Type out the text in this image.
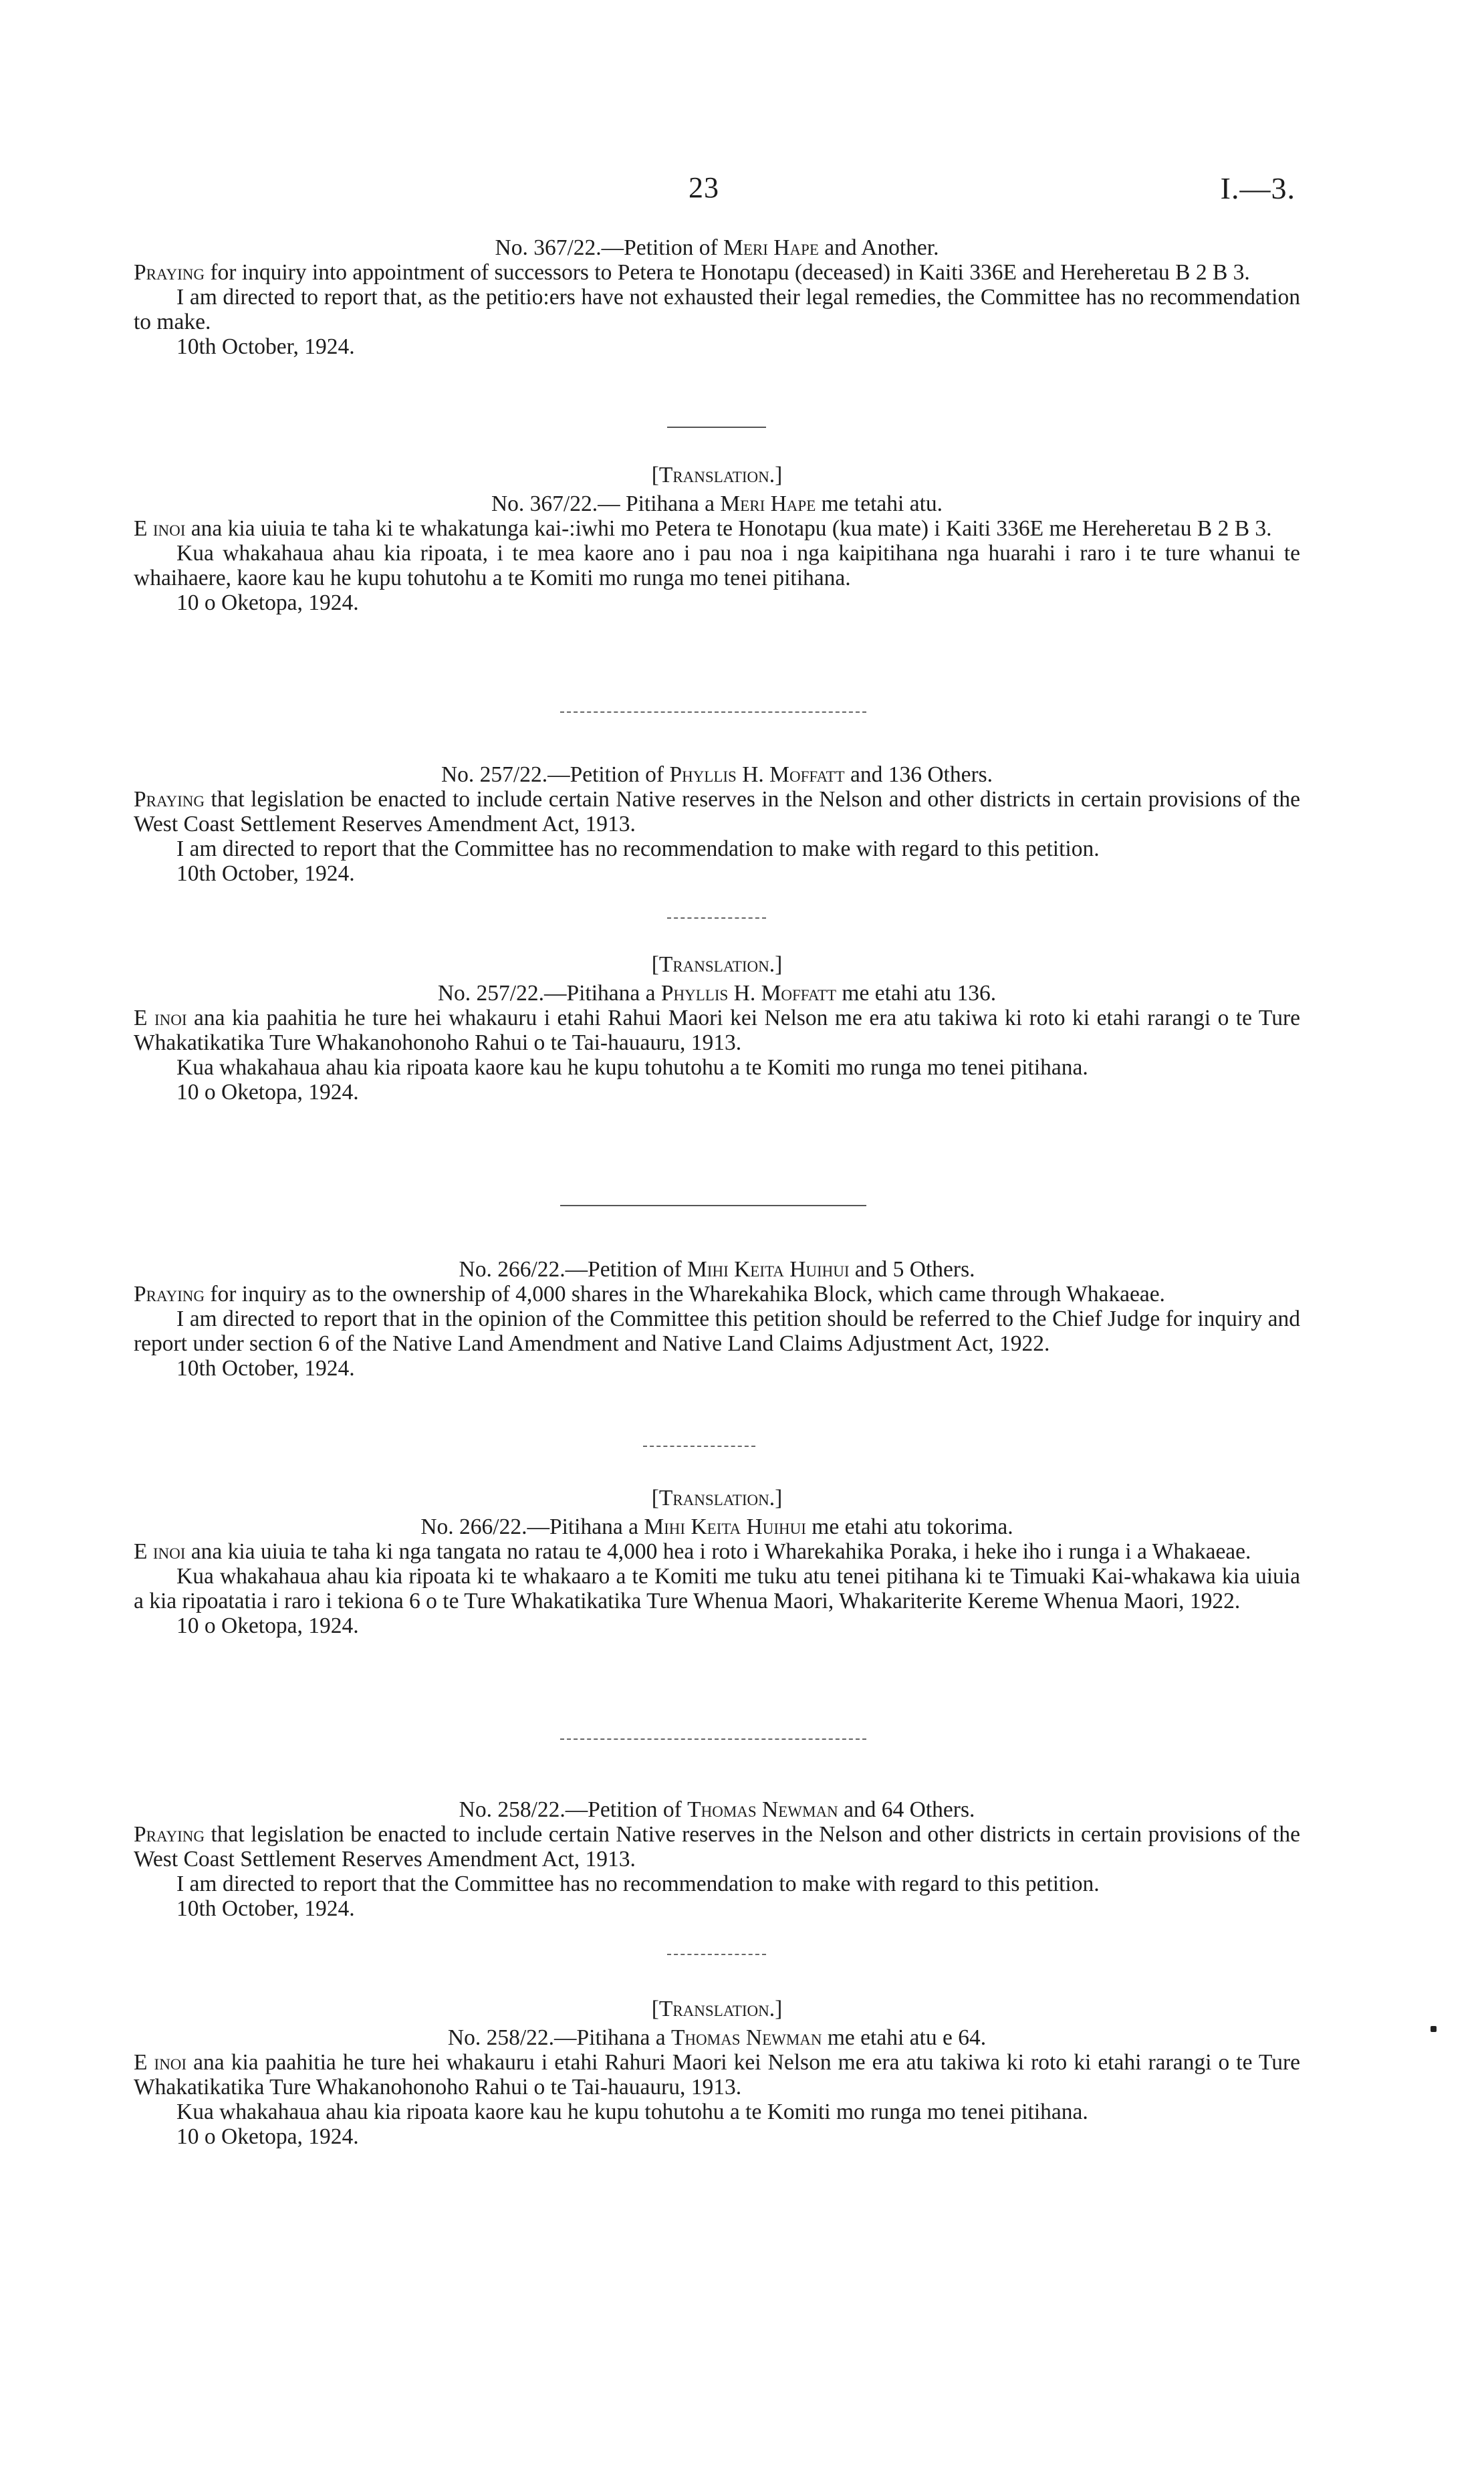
23	I.—3.

No. 367/22.—Petition of Meri Hape and Another.

Praying for inquiry into appointment of successors to Petera te Honotapu (deceased) in Kaiti 336E and Hereheretau B 2 B 3.

I am directed to report that, as the petitio:ers have not exhausted their legal remedies, the Committee has no recommendation to make.

10th October, 1924.

[Translation.]

No. 367/22.— Pitihana a Meri Hape me tetahi atu.

E inoi ana kia uiuia te taha ki te whakatunga kai-:iwhi mo Petera te Honotapu (kua mate) i Kaiti 336E me Hereheretau B 2 B 3.

Kua whakahaua ahau kia ripoata, i te mea kaore ano i pau noa i nga kaipitihana nga huarahi i raro i te ture whanui te whaihaere, kaore kau he kupu tohutohu a te Komiti mo runga mo tenei pitihana.

10 o Oketopa, 1924.

No. 257/22.—Petition of Phyllis H. Moffatt and 136 Others.

Praying that legislation be enacted to include certain Native reserves in the Nelson and other districts in certain provisions of the West Coast Settlement Reserves Amendment Act, 1913.

I am directed to report that the Committee has no recommendation to make with regard to this petition.

10th October, 1924.

[Translation.]

No. 257/22.—Pitihana a Phyllis H. Moffatt me etahi atu 136.

E inoi ana kia paahitia he ture hei whakauru i etahi Rahui Maori kei Nelson me era atu takiwa ki roto ki etahi rarangi o te Ture Whakatikatika Ture Whakanohonoho Rahui o te Tai-hauauru, 1913.

Kua whakahaua ahau kia ripoata kaore kau he kupu tohutohu a te Komiti mo runga mo tenei pitihana.

10 o Oketopa, 1924.

No. 266/22.—Petition of Mihi Keita Huihui and 5 Others.

Praying for inquiry as to the ownership of 4,000 shares in the Wharekahika Block, which came through Whakaeae.

I am directed to report that in the opinion of the Committee this petition should be referred to the Chief Judge for inquiry and report under section 6 of the Native Land Amendment and Native Land Claims Adjustment Act, 1922.

10th October, 1924.

[Translation.]

No. 266/22.—Pitihana a Mihi Keita Huihui me etahi atu tokorima.

E inoi ana kia uiuia te taha ki nga tangata no ratau te 4,000 hea i roto i Wharekahika Poraka, i heke iho i runga i a Whakaeae.

Kua whakahaua ahau kia ripoata ki te whakaaro a te Komiti me tuku atu tenei pitihana ki te Timuaki Kai-whakawa kia uiuia a kia ripoatatia i raro i tekiona 6 o te Ture Whakatikatika Ture Whenua Maori, Whakariterite Kereme Whenua Maori, 1922.

10 o Oketopa, 1924.

No. 258/22.—Petition of Thomas Newman and 64 Others.

Praying that legislation be enacted to include certain Native reserves in the Nelson and other districts in certain provisions of the West Coast Settlement Reserves Amendment Act, 1913.

I am directed to report that the Committee has no recommendation to make with regard to this petition.

10th October, 1924.

[Translation.]

No. 258/22.—Pitihana a Thomas Newman me etahi atu e 64.

E inoi ana kia paahitia he ture hei whakauru i etahi Rahuri Maori kei Nelson me era atu takiwa ki roto ki etahi rarangi o te Ture Whakatikatika Ture Whakanohonoho Rahui o te Tai-hauauru, 1913.

Kua whakahaua ahau kia ripoata kaore kau he kupu tohutohu a te Komiti mo runga mo tenei pitihana.

10 o Oketopa, 1924.
